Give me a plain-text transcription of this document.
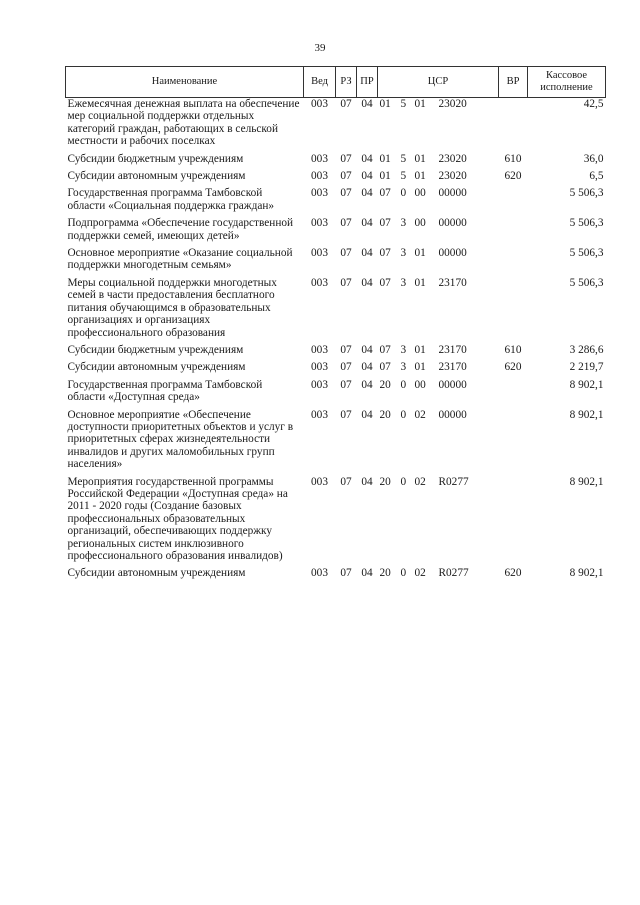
39
Наименование	Вед	РЗ	ПР	ЦСР	ВР	Кассовое исполнение
Ежемесячная денежная выплата на обеспечение мер социальной поддержки отдельных категорий граждан, работающих в сельской местности и рабочих поселках	003	07	04	01 5 01 23020		42,5
Субсидии бюджетным учреждениям	003	07	04	01 5 01 23020	610	36,0
Субсидии автономным учреждениям	003	07	04	01 5 01 23020	620	6,5
Государственная программа Тамбовской области «Социальная поддержка граждан»	003	07	04	07 0 00 00000		5 506,3
Подпрограмма «Обеспечение государственной поддержки семей, имеющих детей»	003	07	04	07 3 00 00000		5 506,3
Основное мероприятие «Оказание социальной поддержки многодетным семьям»	003	07	04	07 3 01 00000		5 506,3
Меры социальной поддержки многодетных семей в части предоставления бесплатного питания обучающимся в образовательных организациях и организациях профессионального образования	003	07	04	07 3 01 23170		5 506,3
Субсидии бюджетным учреждениям	003	07	04	07 3 01 23170	610	3 286,6
Субсидии автономным учреждениям	003	07	04	07 3 01 23170	620	2 219,7
Государственная программа Тамбовской области «Доступная среда»	003	07	04	20 0 00 00000		8 902,1
Основное мероприятие «Обеспечение доступности приоритетных объектов и услуг в приоритетных сферах жизнедеятельности инвалидов и других маломобильных групп населения»	003	07	04	20 0 02 00000		8 902,1
Мероприятия государственной программы Российской Федерации «Доступная среда» на 2011 - 2020 годы (Создание базовых профессиональных образовательных организаций, обеспечивающих поддержку региональных систем инклюзивного профессионального образования инвалидов)	003	07	04	20 0 02 R0277		8 902,1
Субсидии автономным учреждениям	003	07	04	20 0 02 R0277	620	8 902,1
